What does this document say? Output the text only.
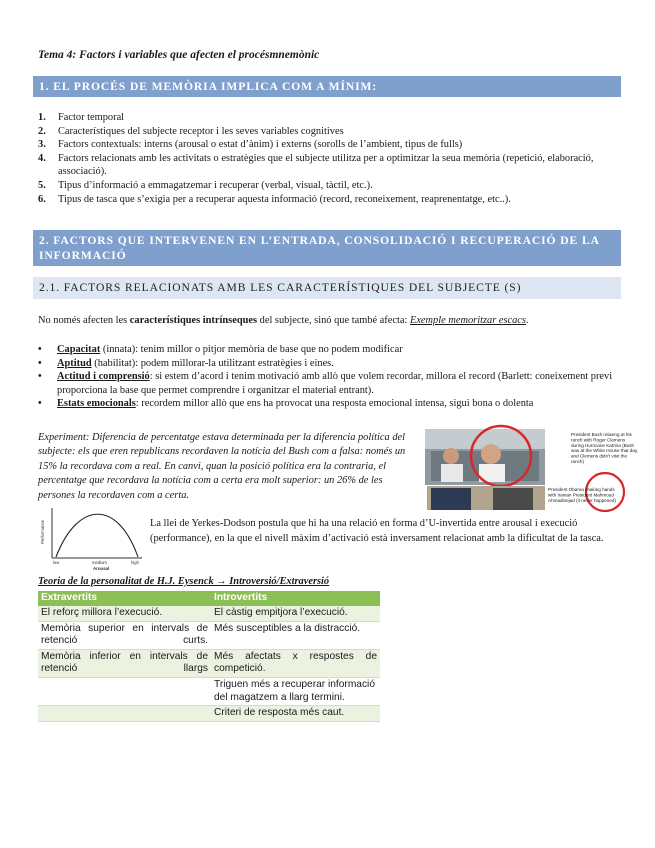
Tema 4: Factors i variables que afecten el procésmnemònic
1. EL PROCÉS DE MEMÒRIA IMPLICA COM A MÍNIM:
1. Factor temporal
2. Característiques del subjecte receptor i les seves variables cognitives
3. Factors contextuals: interns (arousal o estat d’ànim) i externs (sorolls de l’ambient, tipus de fulls)
4. Factors relacionats amb les activitats o estratègies que el subjecte utilitza per a optimitzar la seua memòria (repetició, elaboració, associació).
5. Tipus d’informació a emmagatzemar i recuperar (verbal, visual, tàctil, etc.).
6. Tipus de tasca que s’exigia per a recuperar aquesta informació (record, reconeixement, reaprenentatge, etc..).
2. FACTORS QUE INTERVENEN EN L’ENTRADA, CONSOLIDACIÓ I RECUPERACIÓ DE LA INFORMACIÓ
2.1. FACTORS RELACIONATS AMB LES CARACTERÍSTIQUES DEL SUBJECTE (S)
No només afecten les característiques intrínseques del subjecte, sinó que també afecta: Exemple memoritzar escacs.
• Capacitat (innata): tenim millor o pitjor memòria de base que no podem modificar
• Aptitud (habilitat): podem millorar-la utilitzant estratègies i eines.
• Actitud i comprensió: si estem d’acord i tenim motivació amb allò que volem recordar, millora el record (Barlett: coneixement previ proporciona la base que permet comprendre i organitzar el material entrant).
• Estats emocionals: recordem millor allò que ens ha provocat una resposta emocional intensa, sigui bona o dolenta
Experiment: Diferencia de percentatge estava determinada per la diferencia política del subjecte: els que eren republicans recordaven la notícia del Bush com a falsa: només un 15% la recordava com a real. En canvi, quan la posició política era la contraria, el percentatge que recordava la notícia com a certa era molt superior: un 26% de les persones la recordaven com a certa.
President Bush relaxing at his ranch with Roger Clemens during Hurricane Katrina (Bush was at the White House that day, and Clemens didn't visit the ranch)
President Obama shaking hands with Iranian President Mahmoud Ahmadinejad (it never happened)
Performance
low	medium	high
Arousal
La llei de Yerkes-Dodson postula que hi ha una relació en forma d’U-invertida entre arousal i execució (performance), en la que el nivell màxim d’activació està inversament relacionat amb la dificultat de la tasca.
Teoria de la personalitat de H.J. Eysenck → Introversió/Extraversió
Extravertits	Introvertits
El reforç millora l’execució.	El càstig empitjora l’execució.
Memòria superior en intervals de retenció curts.	Més susceptibles a la distracció.
Memòria inferior en intervals de retenció llargs	Més afectats x respostes de competició.
	Triguen més a recuperar informació del magatzem a llarg termini.
	Criteri de resposta més caut.
